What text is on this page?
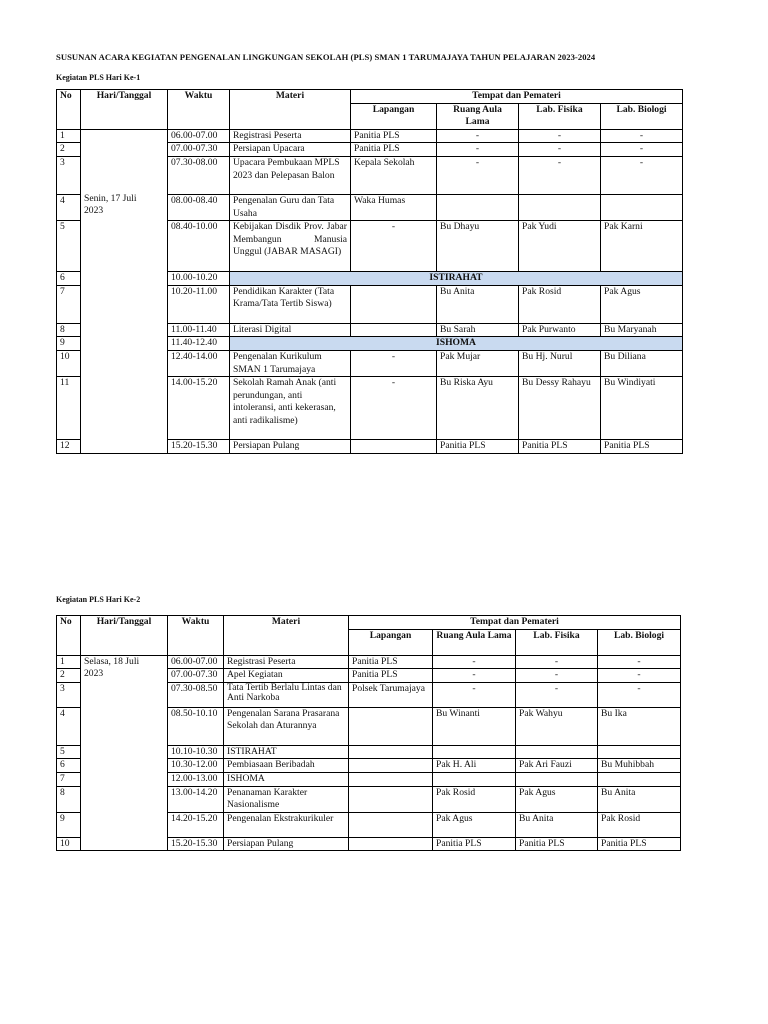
SUSUNAN ACARA KEGIATAN PENGENALAN LINGKUNGAN SEKOLAH (PLS) SMAN 1 TARUMAJAYA TAHUN PELAJARAN 2023-2024
Kegiatan PLS Hari Ke-1
No	Hari/Tanggal	Waktu	Materi	Tempat dan Pemateri			
				Lapangan	Ruang Aula Lama	Lab. Fisika	Lab. Biologi
1	Senin, 17 Juli 2023	06.00-07.00	Registrasi Peserta	Panitia PLS	-	-	-
2		07.00-07.30	Persiapan Upacara	Panitia PLS	-	-	-
3		07.30-08.00	Upacara Pembukaan MPLS 2023 dan Pelepasan Balon	Kepala Sekolah	-	-	-
4		08.00-08.40	Pengenalan Guru dan Tata Usaha	Waka Humas			
5		08.40-10.00	Kebijakan Disdik Prov. Jabar Membangun Manusia Unggul (JABAR MASAGI)	-	Bu Dhayu	Pak Yudi	Pak Karni
6		10.00-10.20	ISTIRAHAT				
7		10.20-11.00	Pendidikan Karakter (Tata Krama/Tata Tertib Siswa)		Bu Anita	Pak Rosid	Pak Agus
8		11.00-11.40	Literasi Digital		Bu Sarah	Pak Purwanto	Bu Maryanah
9		11.40-12.40	ISHOMA				
10		12.40-14.00	Pengenalan Kurikulum SMAN 1 Tarumajaya	-	Pak Mujar	Bu Hj. Nurul	Bu Diliana
11		14.00-15.20	Sekolah Ramah Anak (anti perundungan, anti intoleransi, anti kekerasan, anti radikalisme)	-	Bu Riska Ayu	Bu Dessy Rahayu	Bu Windiyati
12		15.20-15.30	Persiapan Pulang		Panitia PLS	Panitia PLS	Panitia PLS
Kegiatan PLS Hari Ke-2
No	Hari/Tanggal	Waktu	Materi	Tempat dan Pemateri			
				Lapangan	Ruang Aula Lama	Lab. Fisika	Lab. Biologi
1	Selasa, 18 Juli 2023	06.00-07.00	Registrasi Peserta	Panitia PLS	-	-	-
2		07.00-07.30	Apel Kegiatan	Panitia PLS	-	-	-
3		07.30-08.50	Tata Tertib Berlalu Lintas dan Anti Narkoba	Polsek Tarumajaya	-	-	-
4		08.50-10.10	Pengenalan Sarana Prasarana Sekolah dan Aturannya		Bu Winanti	Pak Wahyu	Bu Ika
5		10.10-10.30	ISTIRAHAT				
6		10.30-12.00	Pembiasaan Beribadah		Pak H. Ali	Pak Ari Fauzi	Bu Muhibbah
7		12.00-13.00	ISHOMA				
8		13.00-14.20	Penanaman Karakter Nasionalisme		Pak Rosid	Pak Agus	Bu Anita
9		14.20-15.20	Pengenalan Ekstrakurikuler		Pak Agus	Bu Anita	Pak Rosid
10		15.20-15.30	Persiapan Pulang		Panitia PLS	Panitia PLS	Panitia PLS
